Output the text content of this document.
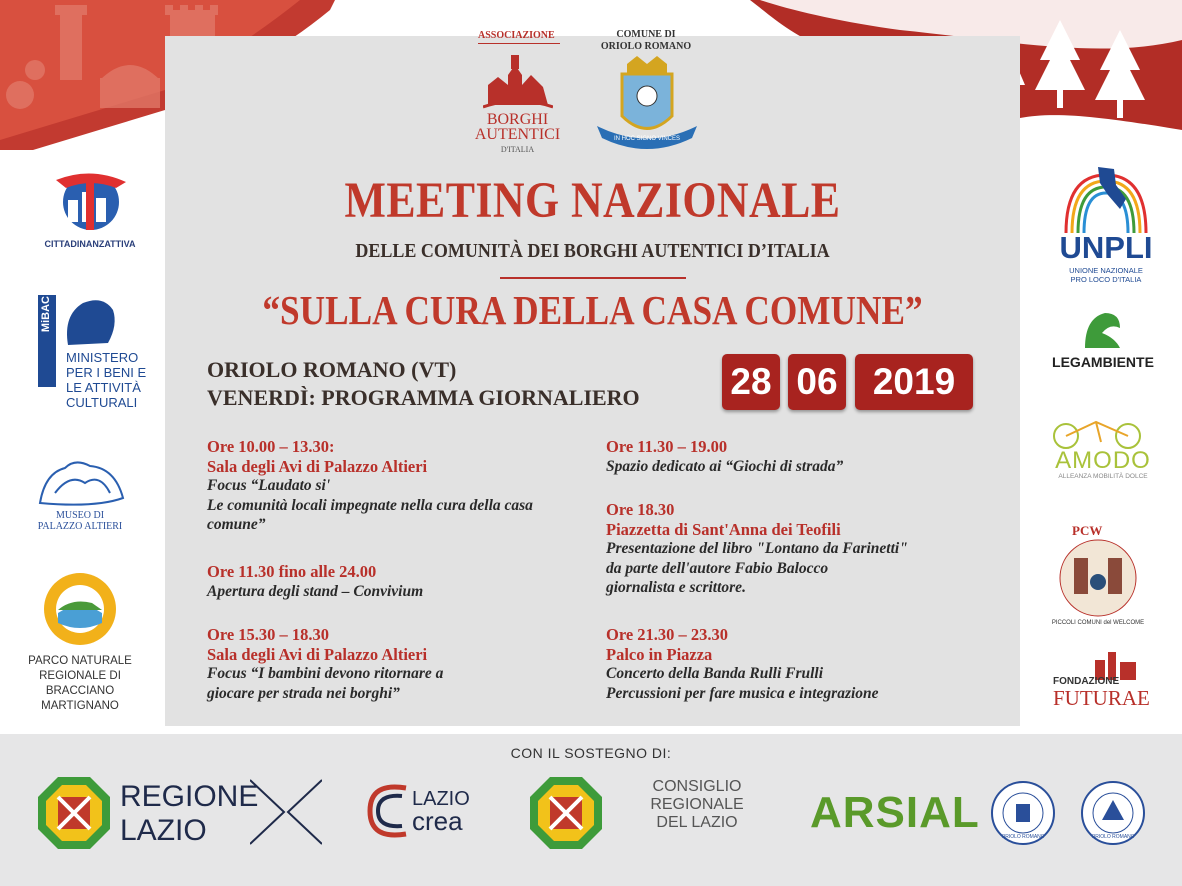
ASSOCIAZIONE
BORGHI
AUTENTICI
D'ITALIA
COMUNE DI
ORIOLO ROMANO
IN HOC SIGNO VINCES
MEETING NAZIONALE
DELLE COMUNITÀ DEI BORGHI AUTENTICI D’ITALIA
“SULLA CURA DELLA CASA COMUNE”
ORIOLO ROMANO (VT)
VENERDÌ: PROGRAMMA GIORNALIERO 28 06 2019
Ore 10.00 – 13.30:
Sala degli Avi di Palazzo Altieri
Focus “Laudato si'
Le comunità locali impegnate nella cura della casa
comune”
Ore 11.30 fino alle 24.00
Apertura degli stand – Convivium
Ore 15.30 – 18.30
Sala degli Avi di Palazzo Altieri
Focus “I bambini devono ritornare a
giocare per strada nei borghi”
Ore 11.30 – 19.00
Spazio dedicato ai “Giochi di strada”
Ore 18.30
Piazzetta di Sant'Anna dei Teofili
Presentazione del libro "Lontano da Farinetti"
da parte dell'autore Fabio Balocco
giornalista e scrittore.
Ore 21.30 – 23.30
Palco in Piazza
Concerto della Banda Rulli Frulli
Percussioni per fare musica e integrazione
CITTADINANZATTIVA
MiBAC
MINISTERO
PER I BENI E
LE ATTIVITÀ
CULTURALI
MUSEO DI
PALAZZO ALTIERI
PARCO NATURALE
REGIONALE DI
BRACCIANO
MARTIGNANO
UNPLI
UNIONE NAZIONALE
PRO LOCO D'ITALIA
LEGAMBIENTE
AMODO
ALLEANZA MOBILITÀ DOLCE
PCW
PICCOLI COMUNI del WELCOME
FONDAZIONE
FUTURAE
CON IL SOSTEGNO DI:
REGIONE
LAZIO
LAZIO
crea
CONSIGLIO
REGIONALE
DEL LAZIO	ARSIAL	ORIOLO ROMANO	ORIOLO ROMANO
